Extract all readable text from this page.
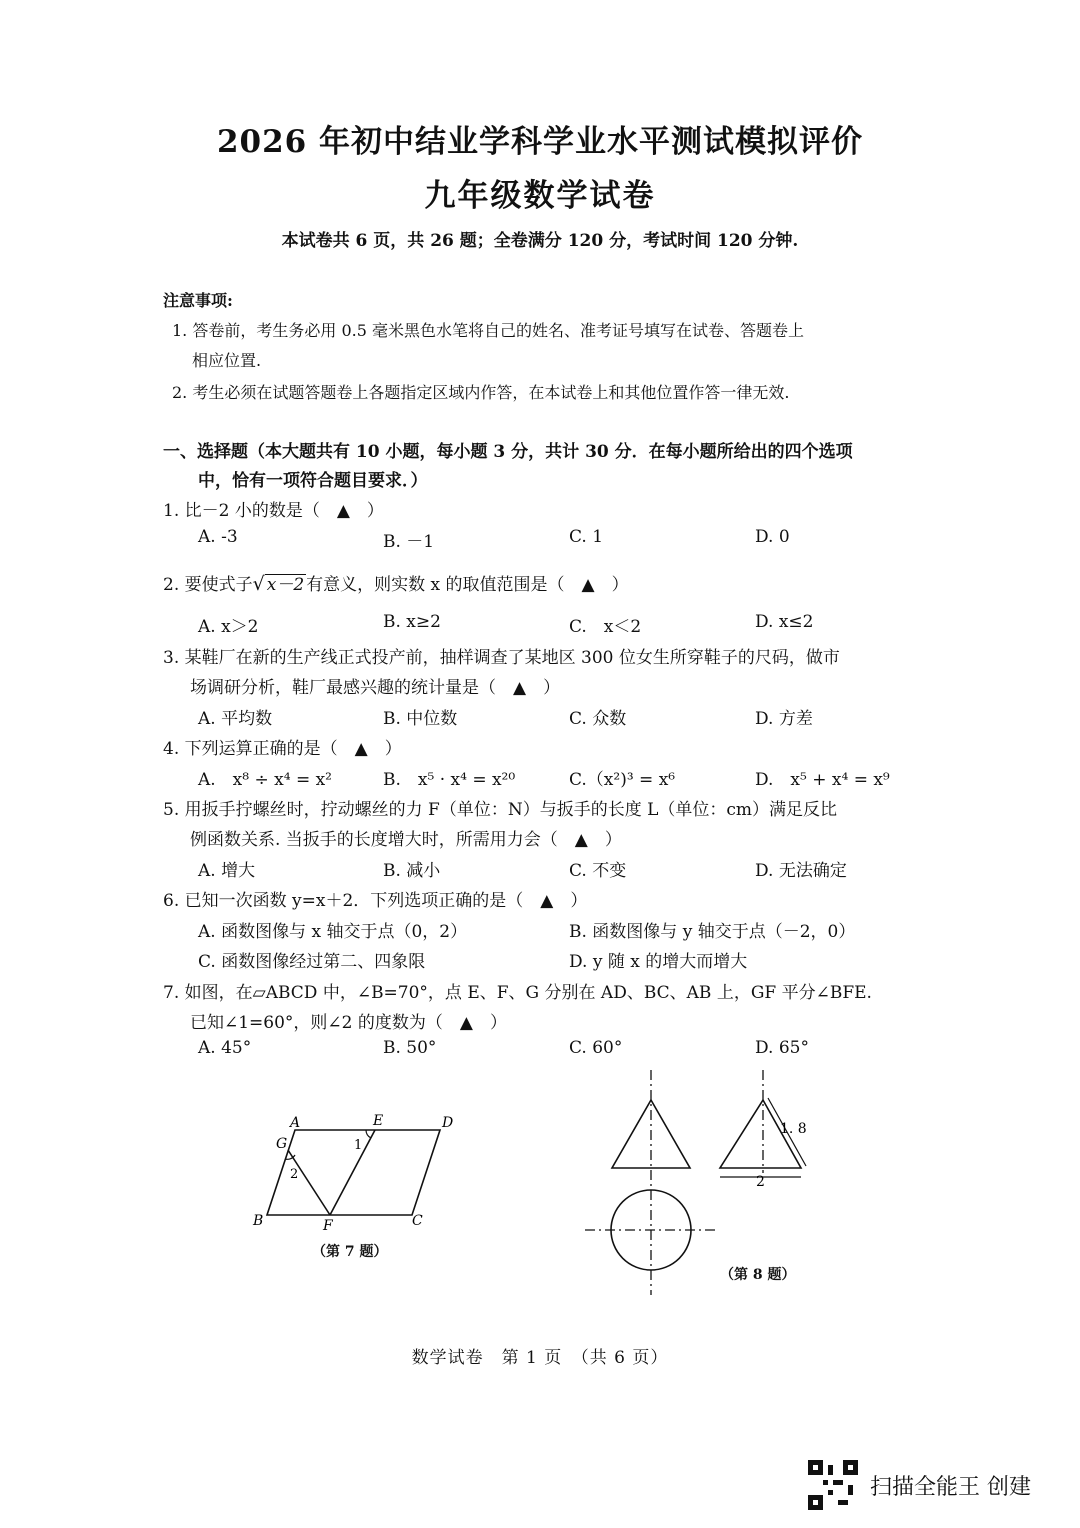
2026 年初中结业学科学业水平测试模拟评价
九年级数学试卷
本试卷共 6 页，共 26 题；全卷满分 120 分，考试时间 120 分钟.
注意事项:
1. 答卷前，考生务必用 0.5 毫米黑色水笔将自己的姓名、准考证号填写在试卷、答题卷上
相应位置.
2. 考生必须在试题答题卷上各题指定区域内作答，在本试卷上和其他位置作答一律无效.
一、选择题（本大题共有 10 小题，每小题 3 分，共计 30 分．在每小题所给出的四个选项
中，恰有一项符合题目要求．）
1. 比－2 小的数是（　▲　）
A. -3	B. －1	C. 1	D. 0
2. 要使式子√ x－2 有意义，则实数 x 的取值范围是（　▲　）
A. x＞2	B. x≥2	C.　x＜2	D. x≤2
3. 某鞋厂在新的生产线正式投产前，抽样调查了某地区 300 位女生所穿鞋子的尺码，做市
场调研分析，鞋厂最感兴趣的统计量是（　▲　）
A. 平均数	B. 中位数	C. 众数	D. 方差
4. 下列运算正确的是（　▲　）
A.　x⁸ ÷ x⁴ = x²	B.　x⁵ · x⁴ = x²⁰	C.（x²)³ = x⁶	D.　x⁵ + x⁴ = x⁹
5. 用扳手拧螺丝时，拧动螺丝的力 F（单位：N）与扳手的长度 L（单位：cm）满足反比
例函数关系. 当扳手的长度增大时，所需用力会（　▲　）
A. 增大	B. 减小	C. 不变	D. 无法确定
6. 已知一次函数 y=x＋2．下列选项正确的是（　▲　）
A. 函数图像与 x 轴交于点（0，2）	B. 函数图像与 y 轴交于点（－2，0）
C. 函数图像经过第二、四象限	D. y 随 x 的增大而增大
7. 如图，在▱ABCD 中，∠B=70°，点 E、F、G 分别在 AD、BC、AB 上，GF 平分∠BFE.
已知∠1=60°，则∠2 的度数为（　▲　）
A. 45°	B. 50°	C. 60°	D. 65°
A	E	D
G	1
2
B	F	C
（第 7 题）
1. 8
2
（第 8 题）
数学试卷　第 1 页　（共 6 页）
扫描全能王 创建
